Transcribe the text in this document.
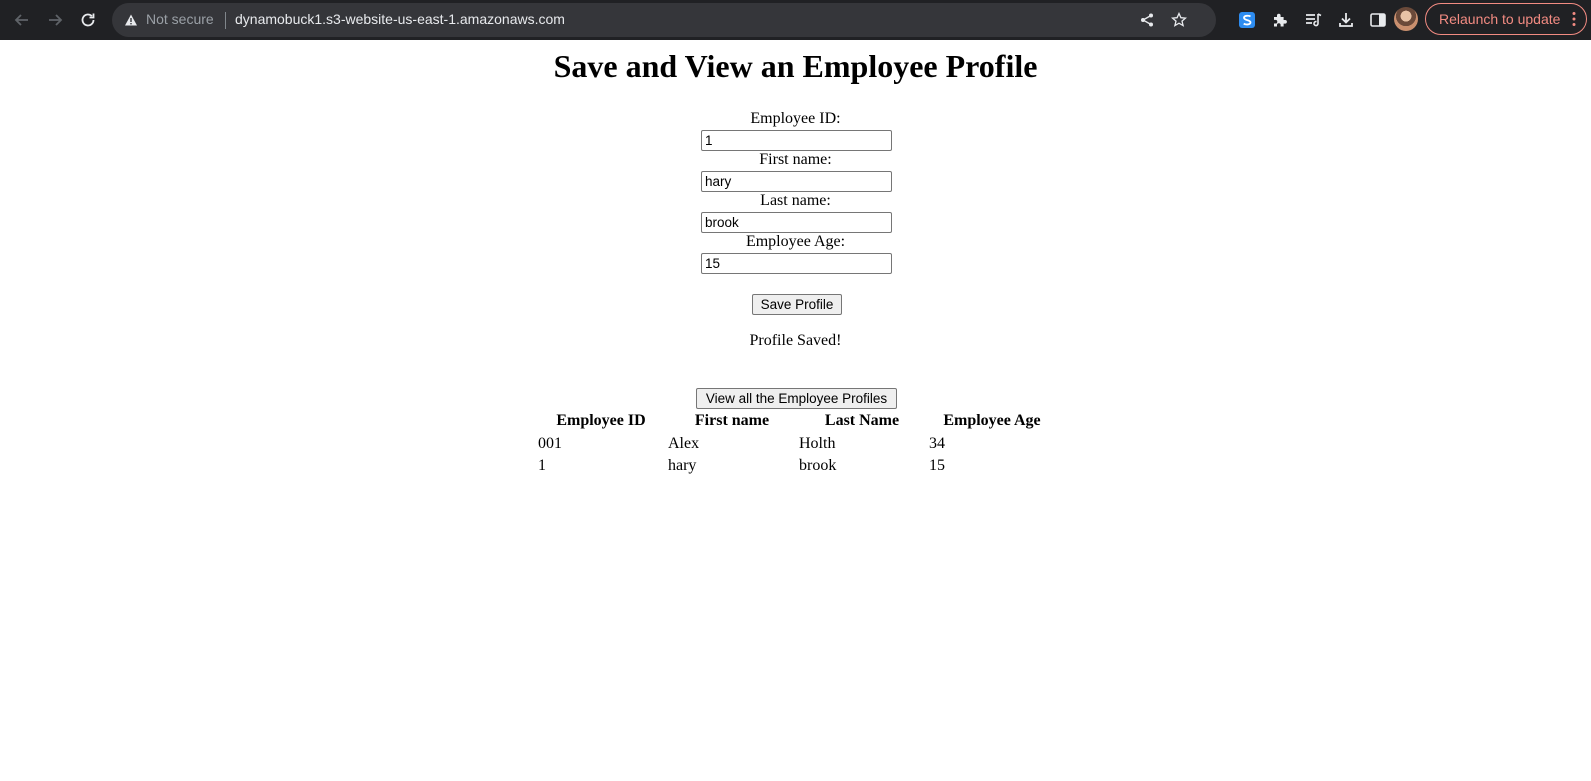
Not secure dynamobuck1.s3-website-us-east-1.amazonaws.com	Relaunch to update
Save and View an Employee Profile
Employee ID:
1
First name:
hary
Last name:
brook
Employee Age:
15
Save Profile
Profile Saved!
View all the Employee Profiles
Employee ID	First name	Last Name	Employee Age
001	Alex	Holth	34
1	hary	brook	15
